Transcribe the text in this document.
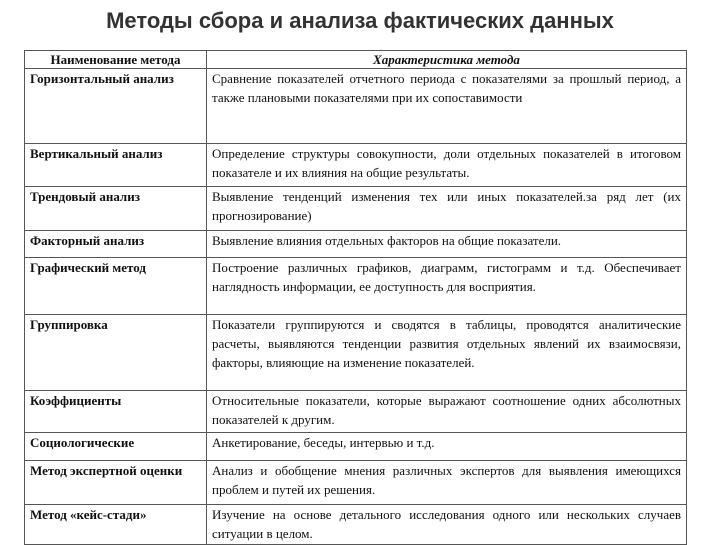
Методы сбора и анализа фактических данных
Наименование метода	Характеристика метода
Горизонтальный анализ	Сравнение показателей отчетного периода с показателями за прошлый период, а также плановыми показателями при их сопоставимости
Вертикальный анализ	Определение структуры совокупности, доли отдельных показателей в итоговом показателе и их влияния на общие результаты.
Трендовый анализ	Выявление тенденций изменения тех или иных показателей.за ряд лет (их прогнозирование)
Факторный анализ	Выявление влияния отдельных факторов на общие показатели.
Графический метод	Построение различных графиков, диаграмм, гистограмм и т.д. Обеспечивает наглядность информации, ее доступность для восприятия.
Группировка	Показатели группируются и сводятся в таблицы, проводятся аналитические расчеты, выявляются тенденции развития отдельных явлений их взаимосвязи, факторы, влияющие на изменение показателей.
Коэффициенты	Относительные показатели, которые выражают соотношение одних абсолютных показателей к другим.
Социологические	Анкетирование, беседы, интервью и т.д.
Метод экспертной оценки	Анализ и обобщение мнения различных экспертов для выявления имеющихся проблем и путей их решения.
Метод «кейс-стади»	Изучение на основе детального исследования одного или нескольких случаев ситуации в целом.
